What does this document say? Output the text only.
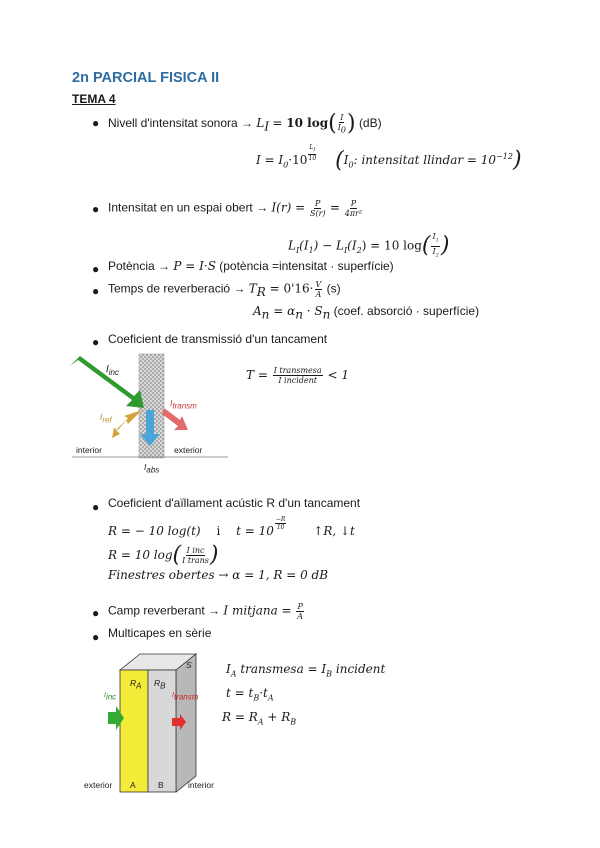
2n PARCIAL FISICA II
TEMA 4
● Nivell d'intensitat sonora → $L_I = 10$ $\log( \frac{I}{I_0}$ ) (dB)
$I = I_0\cdot 10 \frac{L_I}{10} (I_0$: intensitat llindar = $10^{-12}$)
● Intensitat en un espai obert → $I(r) = \frac{P}{S(r)} = \frac{P}{\text{4πr²}}$
$L_I(I_1) - L_I(I_2) = 10$ $\log( \frac{I_1}{I_2}$ )
● Potència → P = I·S (potència =intensitat · superfície)
● Temps de reverberació → $T_R = 0'16\cdot \frac{V}{A} (s)$
$A_n = \alpha_n \cdot S_n$ (coef. absorció · superfície)
● Coeficient de transmissió d'un tancament
$T = \frac{\text{I transmesa}}{\text{I incident}} < 1$
$I_{inc}$
$I_{ref}$
$I_{transm}$
$I_{abs}$
interior	exterior
● Coeficient d'aïllament acústic R d'un tancament
R = − 10 log(t) i $t = 10 \frac{-R}{10}$ ↑R, ↓t
R = 10 $\log( \frac{\text{I inc}}{\text{I trans}}$ )
Finestres obertes → α = 1, R = 0 dB
● Camp reverberant → I mitjana = $\frac{P}{A}$
● Multicapes en sèrie
$I_A$ transmesa = $I_B$ incident
$t = t_B\cdot t_A$
$R = R_A + R_B$
$I_{inc}$
$R_A$ $R_B$
S
$I_{transm}$
A	B
exterior	interior
